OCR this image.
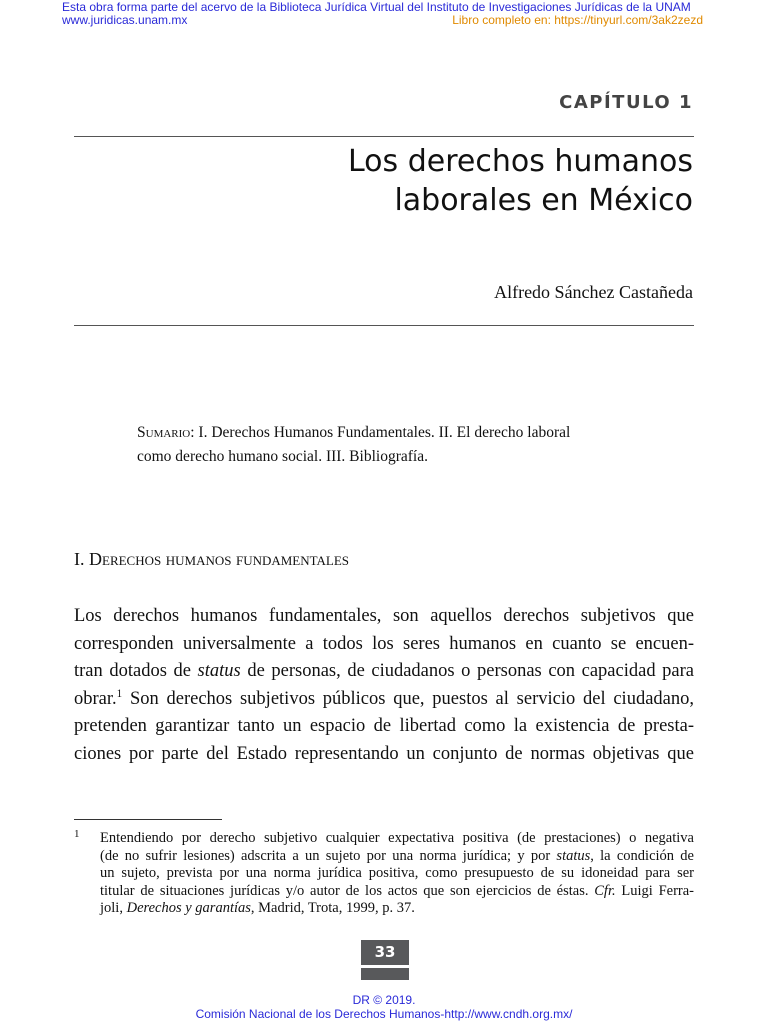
Esta obra forma parte del acervo de la Biblioteca Jurídica Virtual del Instituto de Investigaciones Jurídicas de la UNAM
www.juridicas.unam.mx	Libro completo en: https://tinyurl.com/3ak2zezd
CAPÍTULO 1
Los derechos humanos
laborales en México
Alfredo Sánchez Castañeda
Sumario: I. Derechos Humanos Fundamentales. II. El derecho laboral
como derecho humano social. III. Bibliografía.
I. Derechos humanos fundamentales
Los derechos humanos fundamentales, son aquellos derechos subjetivos que
corresponden universalmente a todos los seres humanos en cuanto se encuen-
tran dotados de status de personas, de ciudadanos o personas con capacidad para
obrar.$^1$ Son derechos subjetivos públicos que, puestos al servicio del ciudadano,
pretenden garantizar tanto un espacio de libertad como la existencia de presta-
ciones por parte del Estado representando un conjunto de normas objetivas que
1 Entendiendo por derecho subjetivo cualquier expectativa positiva (de prestaciones) o negativa
(de no sufrir lesiones) adscrita a un sujeto por una norma jurídica; y por status, la condición de
un sujeto, prevista por una norma jurídica positiva, como presupuesto de su idoneidad para ser
titular de situaciones jurídicas y/o autor de los actos que son ejercicios de éstas. Cfr. Luigi Ferra-
joli, Derechos y garantías, Madrid, Trota, 1999, p. 37.
33
DR © 2019.
Comisión Nacional de los Derechos Humanos-http://www.cndh.org.mx/
